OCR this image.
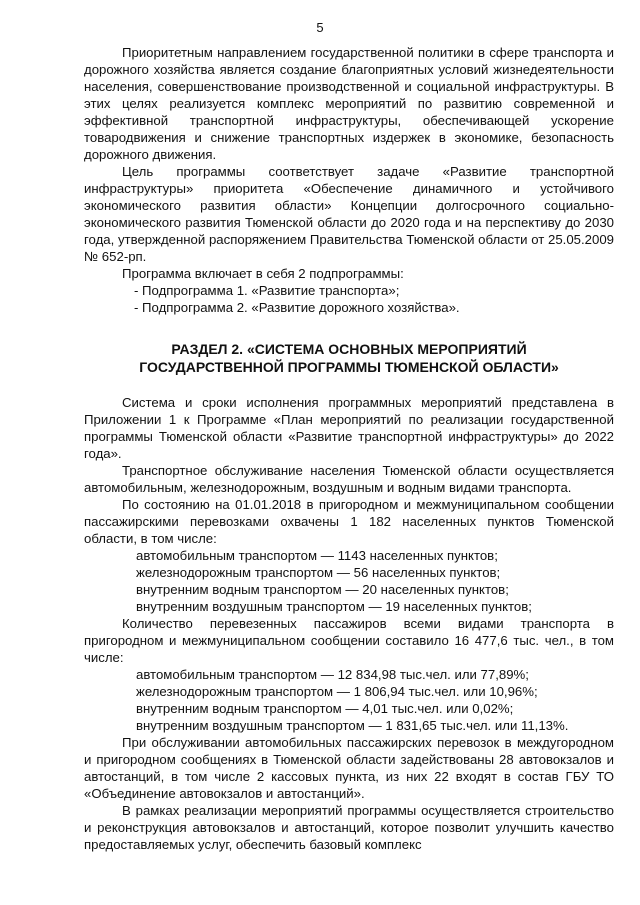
5

Приоритетным направлением государственной политики в сфере транспорта и дорожного хозяйства является создание благоприятных условий жизнедеятельности населения, совершенствование производственной и социальной инфраструктуры. В этих целях реализуется комплекс мероприятий по развитию современной и эффективной транспортной инфраструктуры, обеспечивающей ускорение товародвижения и снижение транспортных издержек в экономике, безопасность дорожного движения.

Цель программы соответствует задаче «Развитие транспортной инфраструктуры» приоритета «Обеспечение динамичного и устойчивого экономического развития области» Концепции долгосрочного социально-экономического развития Тюменской области до 2020 года и на перспективу до 2030 года, утвержденной распоряжением Правительства Тюменской области от 25.05.2009 № 652-рп.

Программа включает в себя 2 подпрограммы:

- Подпрограмма 1. «Развитие транспорта»;

- Подпрограмма 2. «Развитие дорожного хозяйства».

РАЗДЕЛ 2. «СИСТЕМА ОСНОВНЫХ МЕРОПРИЯТИЙ
ГОСУДАРСТВЕННОЙ ПРОГРАММЫ ТЮМЕНСКОЙ ОБЛАСТИ»

Система и сроки исполнения программных мероприятий представлена в Приложении 1 к Программе «План мероприятий по реализации государственной программы Тюменской области «Развитие транспортной инфраструктуры» до 2022 года».

Транспортное обслуживание населения Тюменской области осуществляется автомобильным, железнодорожным, воздушным и водным видами транспорта.

По состоянию на 01.01.2018 в пригородном и межмуниципальном сообщении пассажирскими перевозками охвачены 1 182 населенных пунктов Тюменской области, в том числе:

автомобильным транспортом — 1143 населенных пунктов;

железнодорожным транспортом — 56 населенных пунктов;

внутренним водным транспортом — 20 населенных пунктов;

внутренним воздушным транспортом — 19 населенных пунктов;

Количество перевезенных пассажиров всеми видами транспорта в пригородном и межмуниципальном сообщении составило 16 477,6 тыс. чел., в том числе:

автомобильным транспортом — 12 834,98 тыс.чел. или 77,89%;

железнодорожным транспортом — 1 806,94 тыс.чел. или 10,96%;

внутренним водным транспортом — 4,01 тыс.чел. или 0,02%;

внутренним воздушным транспортом — 1 831,65 тыс.чел. или 11,13%.

При обслуживании автомобильных пассажирских перевозок в междугородном и пригородном сообщениях в Тюменской области задействованы 28 автовокзалов и автостанций, в том числе 2 кассовых пункта, из них 22 входят в состав ГБУ ТО «Объединение автовокзалов и автостанций».

В рамках реализации мероприятий программы осуществляется строительство и реконструкция автовокзалов и автостанций, которое позволит улучшить качество предоставляемых услуг, обеспечить базовый комплекс
